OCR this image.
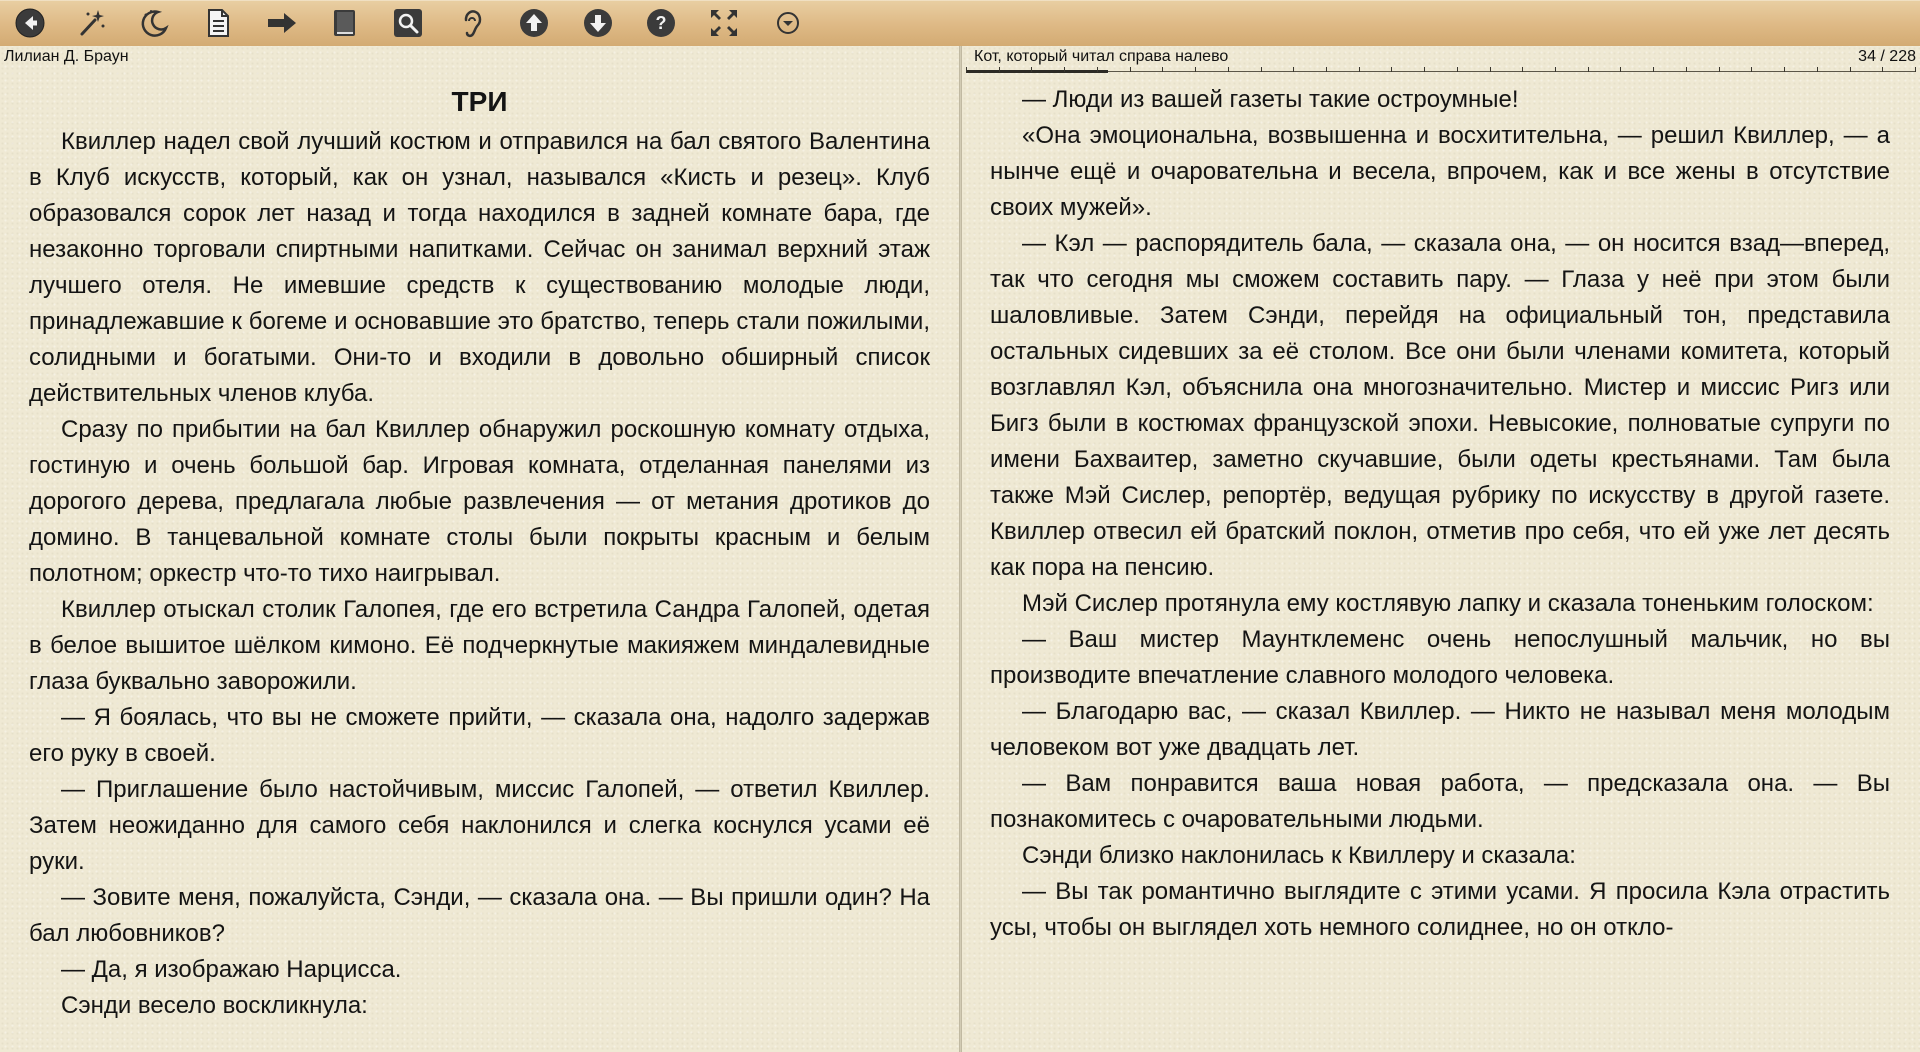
?
Лилиан Д. Браун
ТРИ

Квиллер надел свой лучший костюм и отправился на бал святого Валентина в Клуб искусств, который, как он узнал, назывался «Кисть и резец». Клуб образовался сорок лет назад и тогда находился в задней комнате бара, где незаконно торговали спиртными напитками. Сейчас он занимал верхний этаж лучшего отеля. Не имевшие средств к существованию молодые люди, принадлежавшие к богеме и основавшие это братство, теперь стали пожилыми, солидными и богатыми. Они-то и входили в довольно обширный список действительных членов клуба.

Сразу по прибытии на бал Квиллер обнаружил роскошную комнату отдыха, гостиную и очень большой бар. Игровая комната, отделанная панелями из дорогого дерева, предлагала любые развлечения — от метания дротиков до домино. В танцевальной комнате столы были покрыты красным и белым полотном; оркестр что-то тихо наигрывал.

Квиллер отыскал столик Галопея, где его встретила Сандра Галопей, одетая в белое вышитое шёлком кимоно. Её подчеркнутые макияжем миндалевидные глаза буквально заворожили.

— Я боялась, что вы не сможете прийти, — сказала она, надолго задержав его руку в своей.

— Приглашение было настойчивым, миссис Галопей, — ответил Квиллер. Затем неожиданно для самого себя наклонился и слегка коснулся усами её руки.

— Зовите меня, пожалуйста, Сэнди, — сказала она. — Вы пришли один? На бал любовников?

— Да, я изображаю Нарцисса.

Сэнди весело воскликнула:

Кот, который читал справа налево	34 / 228

— Люди из вашей газеты такие остроумные!

«Она эмоциональна, возвышенна и восхитительна, — решил Квиллер, — а нынче ещё и очаровательна и весела, впрочем, как и все жены в отсутствие своих мужей».

— Кэл — распорядитель бала, — сказала она, — он носится взад—вперед, так что сегодня мы сможем составить пару. — Глаза у неё при этом были шаловливые. Затем Сэнди, перейдя на официальный тон, представила остальных сидевших за её столом. Все они были членами комитета, который возглавлял Кэл, объяснила она многозначительно. Мистер и миссис Ригз или Бигз были в костюмах французской эпохи. Невысокие, полноватые супруги по имени Бахваитер, заметно скучавшие, были одеты крестьянами. Там была также Мэй Сислер, репортёр, ведущая рубрику по искусству в другой газете. Квиллер отвесил ей братский поклон, отметив про себя, что ей уже лет десять как пора на пенсию.

Мэй Сислер протянула ему костлявую лапку и сказала тоненьким голоском:

— Ваш мистер Маунтклеменс очень непослушный мальчик, но вы производите впечатление славного молодого человека.

— Благодарю вас, — сказал Квиллер. — Никто не называл меня молодым человеком вот уже двадцать лет.

— Вам понравится ваша новая работа, — предсказала она. — Вы познакомитесь с очаровательными людьми.

Сэнди близко наклонилась к Квиллеру и сказала:

— Вы так романтично выглядите с этими усами. Я просила Кэла отрастить усы, чтобы он выглядел хоть немного солиднее, но он откло-
